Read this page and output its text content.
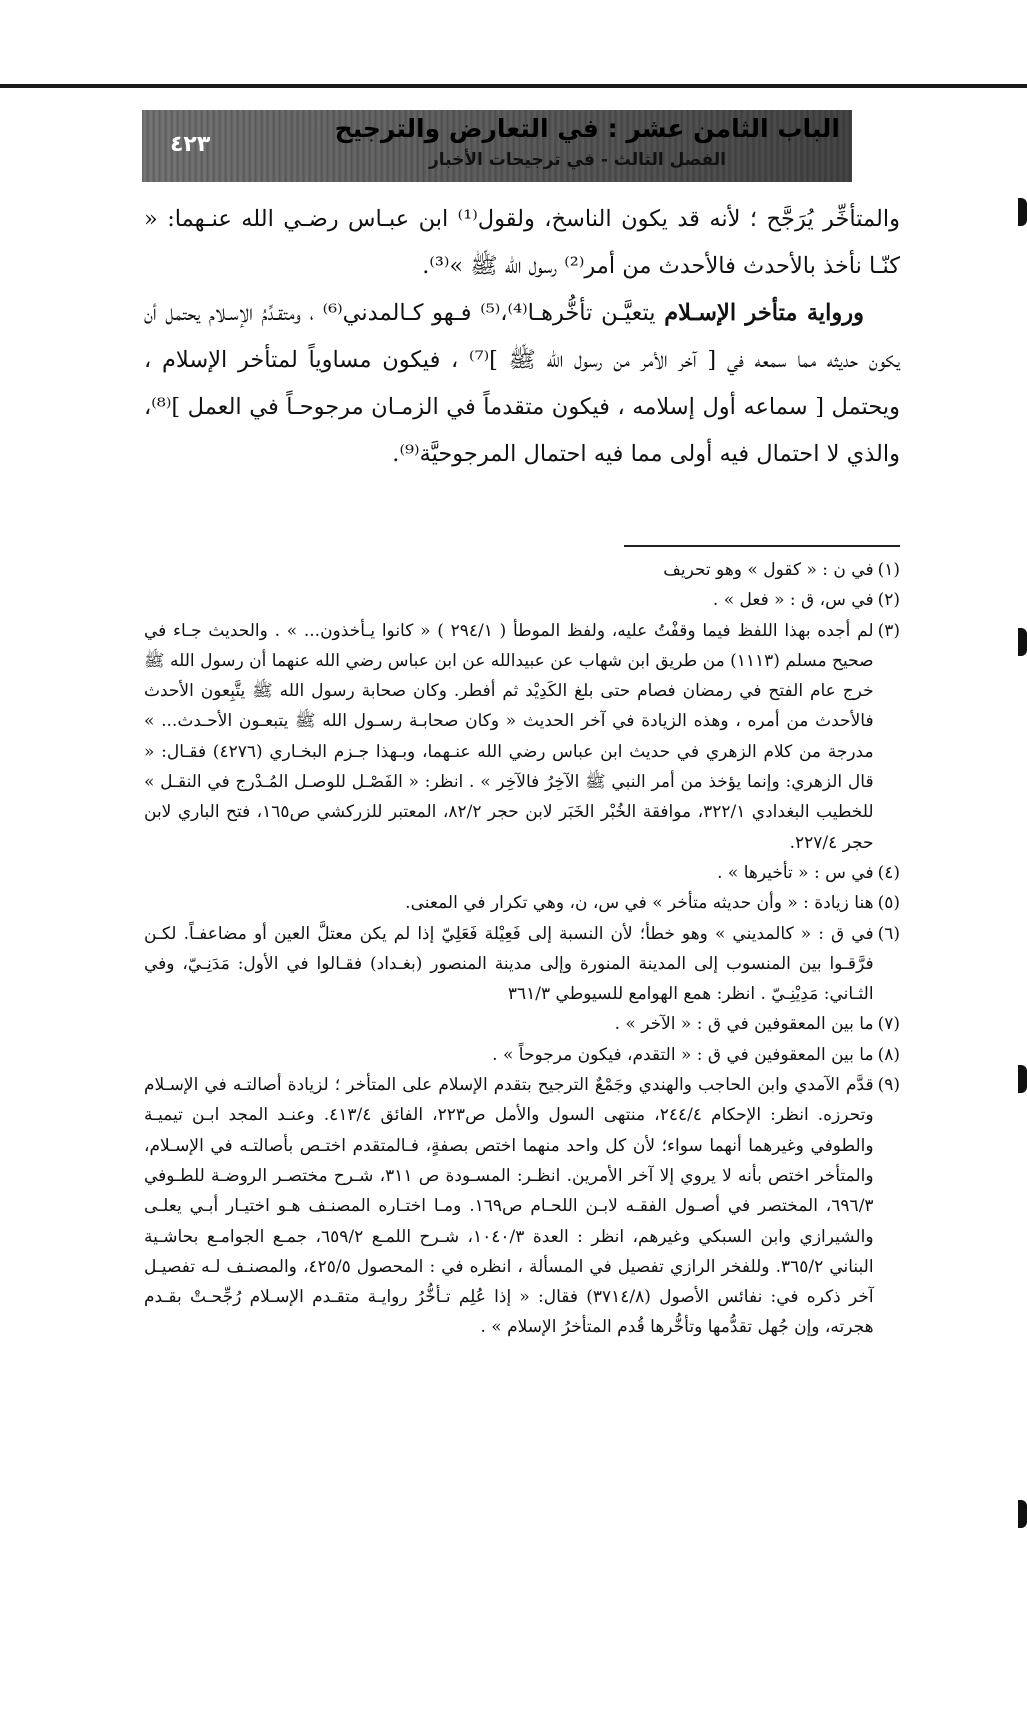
الباب الثامن عشر : في التعارض والترجيح
الفصل الثالث - في ترجيحات الأخبار
٤٢٣

والمتأخِّر يُرَجَّح ؛ لأنه قد يكون الناسخ، ولقول⁽¹⁾ ابن عبـاس رضـي الله عنـهما: « كنّـا نأخذ بالأحدث فالأحدث من أمر⁽²⁾ رسول الله ﷺ »⁽³⁾.

ورواية متأخر الإسـلام يتعيَّـن تأخُّرهـا⁽⁴⁾،⁽⁵⁾ فـهو كـالمدني⁽⁶⁾ ، ومتقـدِّمُ الإسـلام يحتمل أن يكون حديثه مما سمعه في [ آخر الأمر من رسول الله ﷺ ]⁽⁷⁾ ، فيكون مساوياً لمتأخر الإسلام ، ويحتمل [ سماعه أول إسلامه ، فيكون متقدماً في الزمـان مرجوحـاً في العمل ]⁽⁸⁾، والذي لا احتمال فيه أولى مما فيه احتمال المرجوحيَّة⁽⁹⁾.

(١)
في ن : « كقول » وهو تحريف
(٢)
في س، ق : « فعل » .
(٣)
لم أجده بهذا اللفظ فيما وقفْتُ عليه، ولفظ الموطأ ( ٢٩٤/١ ) « كانوا يـأخذون... » . والحديث جـاء في صحيح مسلم (١١١٣) من طريق ابن شهاب عن عبيدالله عن ابن عباس رضي الله عنهما أن رسول الله ﷺ خرج عام الفتح في رمضان فصام حتى بلغ الكَدِيْد ثم أفطر. وكان صحابة رسول الله ﷺ يتَّبِعون الأحدث فالأحدث من أمره ، وهذه الزيادة في آخر الحديث « وكان صحابـة رسـول الله ﷺ يتبعـون الأحـدث... » مدرجة من كلام الزهري في حديث ابن عباس رضي الله عنـهما، وبـهذا جـزم البخـاري (٤٢٧٦) فقـال: « قال الزهري: وإنما يؤخذ من أمر النبي ﷺ الآخِرُ فالآخِر » . انظر: « الفَصْـل للوصـل المُـدْرج في النقـل » للخطيب البغدادي ٣٢٢/١، موافقة الخُبْر الخَبَر لابن حجر ٨٢/٢، المعتبر للزركشي ص١٦٥، فتح الباري لابن حجر ٢٢٧/٤.
(٤)
في س : « تأخيرها » .
(٥)
هنا زيادة : « وأن حديثه متأخر » في س، ن، وهي تكرار في المعنى.
(٦)
في ق : « كالمديني » وهو خطأ؛ لأن النسبة إلى فَعِيْلة فَعَلِيّ إذا لم يكن معتلَّ العين أو مضاعفـاً. لكـن فرَّقـوا بين المنسوب إلى المدينة المنورة وإلى مدينة المنصور (بغـداد) فقـالوا في الأول: مَدَنِـيّ، وفي الثـاني: مَدِيْنِـيّ . انظر: همع الهوامع للسيوطي ٣٦١/٣
(٧)
ما بين المعقوفين في ق : « الآخر » .
(٨)
ما بين المعقوفين في ق : « التقدم، فيكون مرجوحاً » .
(٩)
قدَّم الآمدي وابن الحاجب والهندي وجَمْعٌ الترجيح بتقدم الإسلام على المتأخر ؛ لزيادة أصالتـه في الإسـلام وتحرزه. انظر: الإحكام ٢٤٤/٤، منتهى السول والأمل ص٢٢٣، الفائق ٤١٣/٤. وعنـد المجد ابـن تيميـة والطوفي وغيرهما أنهما سواء؛ لأن كل واحد منهما اختص بصفةٍ، فـالمتقدم اختـص بأصالتـه في الإسـلام، والمتأخر اختص بأنه لا يروي إلا آخر الأمرين. انظـر: المسـودة ص ٣١١، شـرح مختصـر الروضـة للطـوفي ٦٩٦/٣، المختصر في أصـول الفقـه لابـن اللحـام ص١٦٩. ومـا اختـاره المصنـف هـو اختيـار أبـي يعلـى والشيرازي وابن السبكي وغيرهم، انظر : العدة ١٠٤٠/٣، شـرح اللمـع ٦٥٩/٢، جمـع الجوامـع بحاشـية البناني ٣٦٥/٢. وللفخر الرازي تفصيل في المسألة ، انظره في : المحصول ٤٢٥/٥، والمصنـف لـه تفصيـل آخر ذكره في: نفائس الأصول (٣٧١٤/٨) فقال: « إذا عُلِم تـأخُّرُ روايـة متقـدم الإسـلام رُجِّحـتْ بقـدم هجرته، وإن جُهل تقدُّمها وتأخُّرها قُدم المتأخرُ الإسلام » .
